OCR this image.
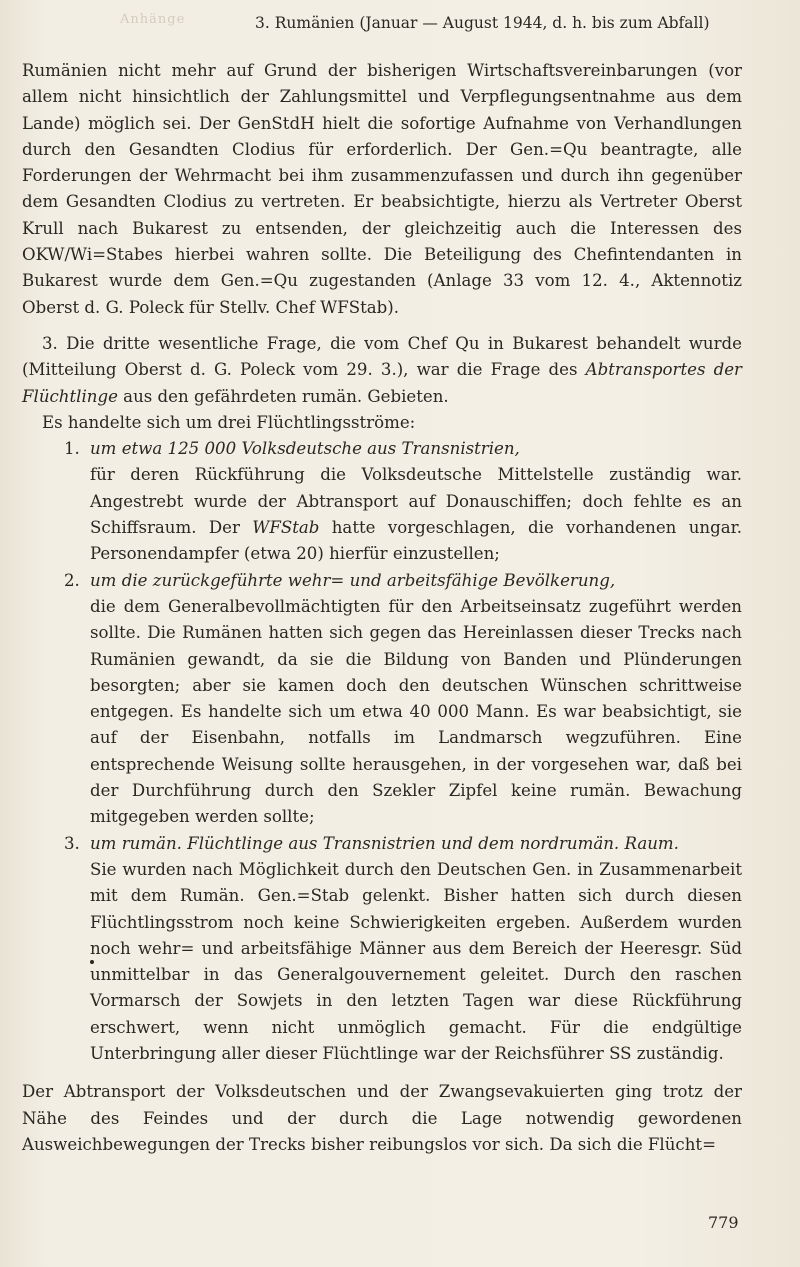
Anhänge	3. Rumänien (Januar — August 1944, d. h. bis zum Abfall)

Rumänien nicht mehr auf Grund der bisherigen Wirtschaftsvereinbarungen (vor allem nicht hinsichtlich der Zahlungsmittel und Verpflegungsentnahme aus dem Lande) möglich sei. Der GenStdH hielt die sofortige Aufnahme von Verhandlungen durch den Gesandten Clodius für erforderlich. Der Gen.=Qu beantragte, alle Forderungen der Wehrmacht bei ihm zusammenzufassen und durch ihn gegenüber dem Gesandten Clodius zu vertreten. Er beabsichtigte, hierzu als Vertreter Oberst Krull nach Bukarest zu entsenden, der gleichzeitig auch die Interessen des OKW/Wi=Stabes hierbei wahren sollte. Die Beteiligung des Chefintendanten in Bukarest wurde dem Gen.=Qu zugestanden (Anlage 33 vom 12. 4., Aktennotiz Oberst d. G. Poleck für Stellv. Chef WFStab).

3. Die dritte wesentliche Frage, die vom Chef Qu in Bukarest behandelt wurde (Mitteilung Oberst d. G. Poleck vom 29. 3.), war die Frage des Abtransportes der Flüchtlinge aus den gefährdeten rumän. Gebieten.

Es handelte sich um drei Flüchtlingsströme:

1. um etwa 125 000 Volksdeutsche aus Transnistrien,
für deren Rückführung die Volksdeutsche Mittelstelle zuständig war. Angestrebt wurde der Abtransport auf Donauschiffen; doch fehlte es an Schiffsraum. Der WFStab hatte vorgeschlagen, die vorhandenen ungar. Personendampfer (etwa 20) hierfür einzustellen;
2. um die zurückgeführte wehr= und arbeitsfähige Bevölkerung,
die dem Generalbevollmächtigten für den Arbeitseinsatz zugeführt werden sollte. Die Rumänen hatten sich gegen das Hereinlassen dieser Trecks nach Rumänien gewandt, da sie die Bildung von Banden und Plünderungen besorgten; aber sie kamen doch den deutschen Wünschen schrittweise entgegen. Es handelte sich um etwa 40 000 Mann. Es war beabsichtigt, sie auf der Eisenbahn, notfalls im Landmarsch wegzuführen. Eine entsprechende Weisung sollte herausgehen, in der vorgesehen war, daß bei der Durchführung durch den Szekler Zipfel keine rumän. Bewachung mitgegeben werden sollte;
3. um rumän. Flüchtlinge aus Transnistrien und dem nordrumän. Raum.
Sie wurden nach Möglichkeit durch den Deutschen Gen. in Zusammenarbeit mit dem Rumän. Gen.=Stab gelenkt. Bisher hatten sich durch diesen Flüchtlingsstrom noch keine Schwierigkeiten ergeben. Außerdem wurden noch wehr= und arbeitsfähige Männer aus dem Bereich der Heeresgr. Süd unmittelbar in das Generalgouvernement geleitet. Durch den raschen Vormarsch der Sowjets in den letzten Tagen war diese Rückführung erschwert, wenn nicht unmöglich gemacht. Für die endgültige Unterbringung aller dieser Flüchtlinge war der Reichsführer SS zuständig.

Der Abtransport der Volksdeutschen und der Zwangsevakuierten ging trotz der Nähe des Feindes und der durch die Lage notwendig gewordenen Ausweichbewegungen der Trecks bisher reibungslos vor sich. Da sich die Flücht=

779
